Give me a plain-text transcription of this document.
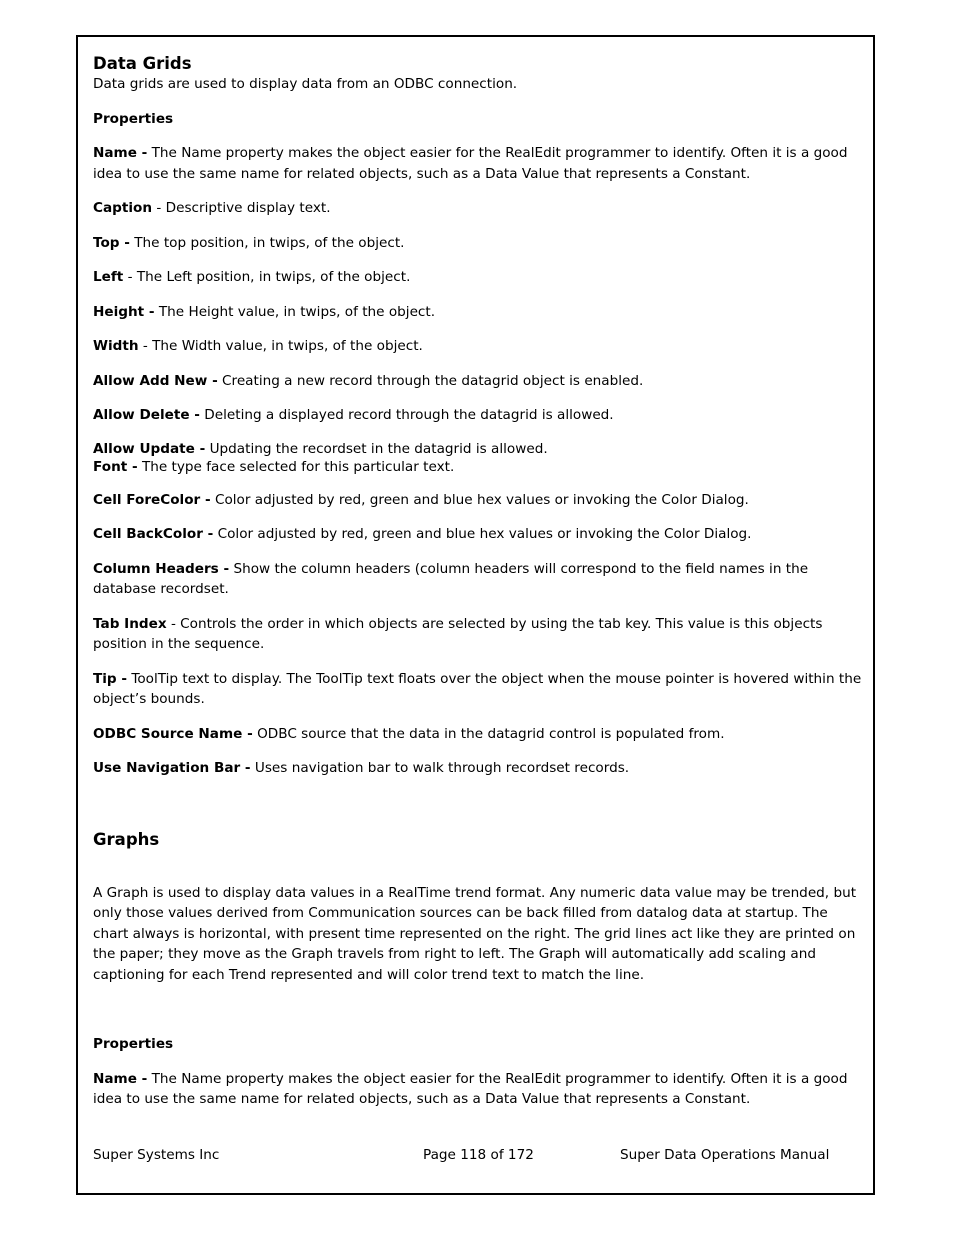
Data Grids

Data grids are used to display data from an ODBC connection.

Properties

Name - The Name property makes the object easier for the RealEdit programmer to identify. Often it is a good idea to use the same name for related objects, such as a Data Value that represents a Constant.

Caption - Descriptive display text.

Top - The top position, in twips, of the object.

Left - The Left position, in twips, of the object.

Height - The Height value, in twips, of the object.

Width - The Width value, in twips, of the object.

Allow Add New - Creating a new record through the datagrid object is enabled.

Allow Delete - Deleting a displayed record through the datagrid is allowed.

Allow Update - Updating the recordset in the datagrid is allowed.

Font - The type face selected for this particular text.

Cell ForeColor - Color adjusted by red, green and blue hex values or invoking the Color Dialog.

Cell BackColor - Color adjusted by red, green and blue hex values or invoking the Color Dialog.

Column Headers - Show the column headers (column headers will correspond to the field names in the database recordset.

Tab Index - Controls the order in which objects are selected by using the tab key. This value is this objects position in the sequence.

Tip - ToolTip text to display. The ToolTip text floats over the object when the mouse pointer is hovered within the object’s bounds.

ODBC Source Name - ODBC source that the data in the datagrid control is populated from.

Use Navigation Bar - Uses navigation bar to walk through recordset records.

Graphs

A Graph is used to display data values in a RealTime trend format. Any numeric data value may be trended, but only those values derived from Communication sources can be back filled from datalog data at startup. The chart always is horizontal, with present time represented on the right. The grid lines act like they are printed on the paper; they move as the Graph travels from right to left. The Graph will automatically add scaling and captioning for each Trend represented and will color trend text to match the line.

Properties

Name - The Name property makes the object easier for the RealEdit programmer to identify. Often it is a good idea to use the same name for related objects, such as a Data Value that represents a Constant.

Super Systems Inc	Page 118 of 172	Super Data Operations Manual
